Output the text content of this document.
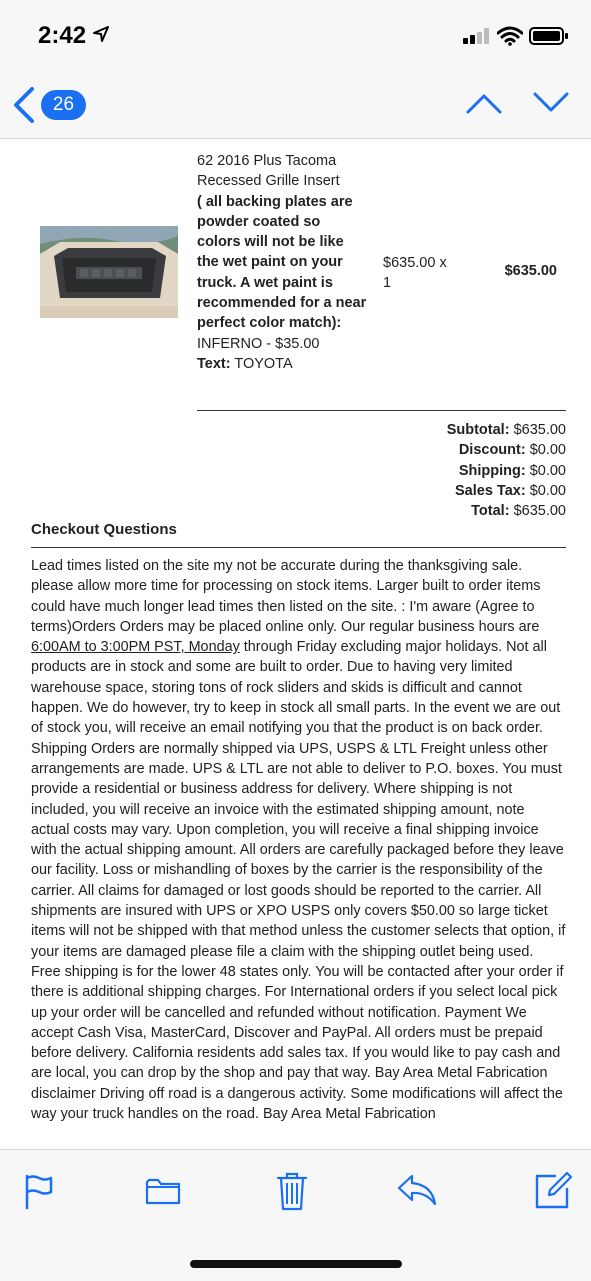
2:42
26
62 2016 Plus Tacoma
Recessed Grille Insert
( all backing plates are powder coated so colors will not be like the wet paint on your truck. A wet paint is recommended for a near perfect color match): INFERNO - $35.00
Text: TOYOTA
$635.00 x
1
$635.00
Subtotal: $635.00
Discount: $0.00
Shipping: $0.00
Sales Tax: $0.00
Total: $635.00
Checkout Questions
Lead times listed on the site my not be accurate during the thanksgiving sale. please allow more time for processing on stock items. Larger built to order items could have much longer lead times then listed on the site. : I'm aware (Agree to terms)Orders Orders may be placed online only. Our regular business hours are 6:00AM to 3:00PM PST, Monday through Friday excluding major holidays. Not all products are in stock and some are built to order. Due to having very limited warehouse space, storing tons of rock sliders and skids is difficult and cannot happen. We do however, try to keep in stock all small parts. In the event we are out of stock you, will receive an email notifying you that the product is on back order. Shipping Orders are normally shipped via UPS, USPS & LTL Freight unless other arrangements are made. UPS & LTL are not able to deliver to P.O. boxes. You must provide a residential or business address for delivery. Where shipping is not included, you will receive an invoice with the estimated shipping amount, note actual costs may vary. Upon completion, you will receive a final shipping invoice with the actual shipping amount. All orders are carefully packaged before they leave our facility. Loss or mishandling of boxes by the carrier is the responsibility of the carrier. All claims for damaged or lost goods should be reported to the carrier. All shipments are insured with UPS or XPO USPS only covers $50.00 so large ticket items will not be shipped with that method unless the customer selects that option, if your items are damaged please file a claim with the shipping outlet being used. Free shipping is for the lower 48 states only. You will be contacted after your order if there is additional shipping charges. For International orders if you select local pick up your order will be cancelled and refunded without notification. Payment We accept Cash Visa, MasterCard, Discover and PayPal. All orders must be prepaid before delivery. California residents add sales tax. If you would like to pay cash and are local, you can drop by the shop and pay that way. Bay Area Metal Fabrication disclaimer Driving off road is a dangerous activity. Some modifications will affect the way your truck handles on the road. Bay Area Metal Fabrication
